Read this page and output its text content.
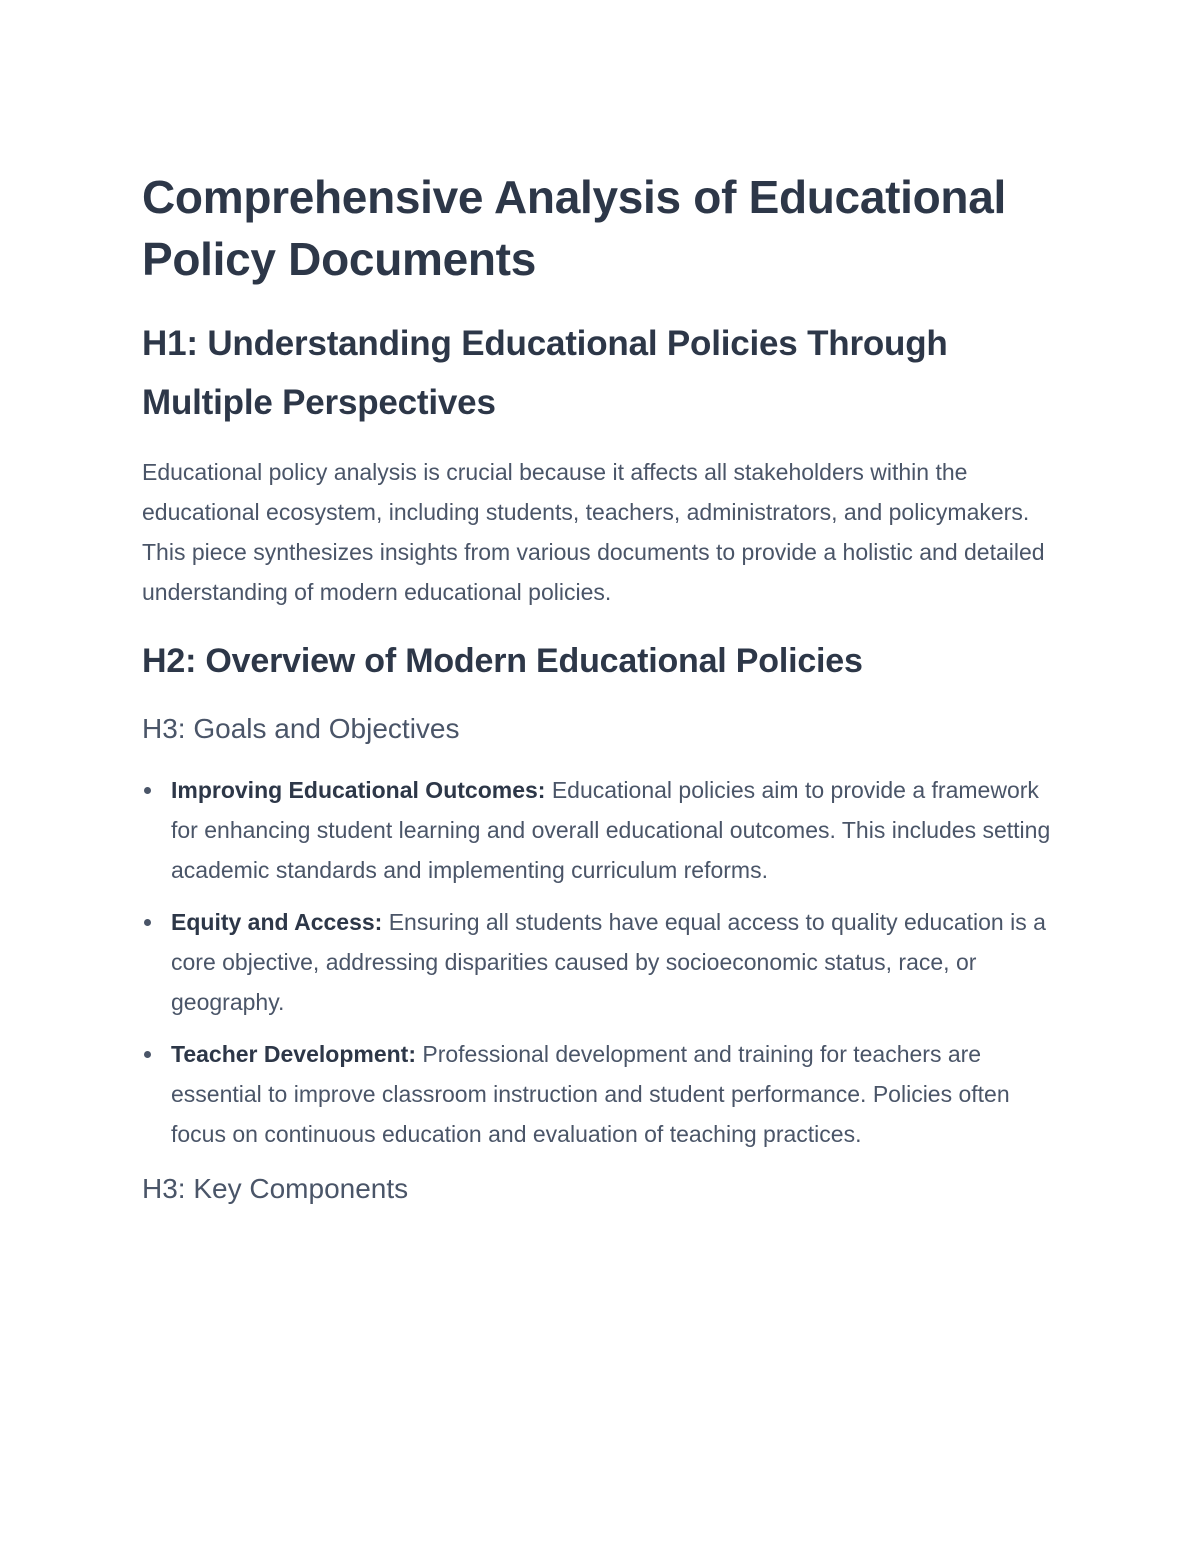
Comprehensive Analysis of Educational Policy Documents
H1: Understanding Educational Policies Through Multiple Perspectives

Educational policy analysis is crucial because it affects all stakeholders within the educational ecosystem, including students, teachers, administrators, and policymakers. This piece synthesizes insights from various documents to provide a holistic and detailed understanding of modern educational policies.

H2: Overview of Modern Educational Policies
H3: Goals and Objectives
Improving Educational Outcomes: Educational policies aim to provide a framework for enhancing student learning and overall educational outcomes. This includes setting academic standards and implementing curriculum reforms.
Equity and Access: Ensuring all students have equal access to quality education is a core objective, addressing disparities caused by socioeconomic status, race, or geography.
Teacher Development: Professional development and training for teachers are essential to improve classroom instruction and student performance. Policies often focus on continuous education and evaluation of teaching practices.
H3: Key Components
